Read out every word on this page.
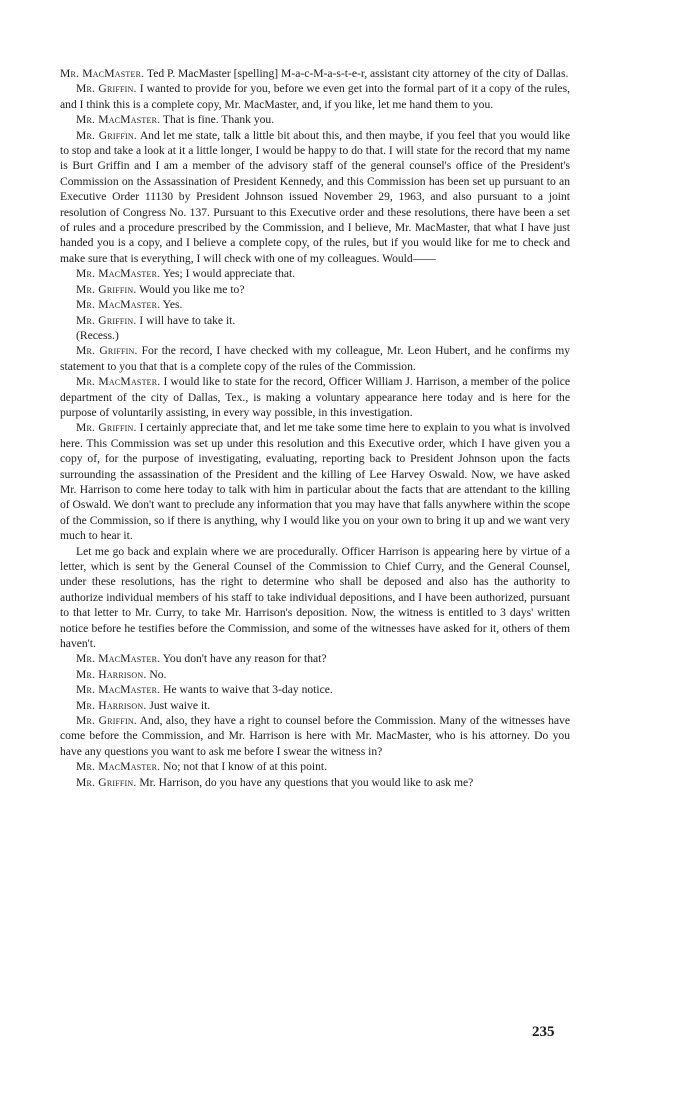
Mr. MacMaster. Ted P. MacMaster [spelling] M-a-c-M-a-s-t-e-r, assistant city attorney of the city of Dallas.

Mr. Griffin. I wanted to provide for you, before we even get into the formal part of it a copy of the rules, and I think this is a complete copy, Mr. MacMaster, and, if you like, let me hand them to you.

Mr. MacMaster. That is fine. Thank you.

Mr. Griffin. And let me state, talk a little bit about this, and then maybe, if you feel that you would like to stop and take a look at it a little longer, I would be happy to do that. I will state for the record that my name is Burt Griffin and I am a member of the advisory staff of the general counsel's office of the President's Commission on the Assassination of President Kennedy, and this Commission has been set up pursuant to an Executive Order 11130 by President Johnson issued November 29, 1963, and also pursuant to a joint resolution of Congress No. 137. Pursuant to this Executive order and these resolutions, there have been a set of rules and a procedure prescribed by the Commission, and I believe, Mr. MacMaster, that what I have just handed you is a copy, and I believe a complete copy, of the rules, but if you would like for me to check and make sure that is everything, I will check with one of my colleagues. Would——

Mr. MacMaster. Yes; I would appreciate that.

Mr. Griffin. Would you like me to?

Mr. MacMaster. Yes.

Mr. Griffin. I will have to take it.

(Recess.)

Mr. Griffin. For the record, I have checked with my colleague, Mr. Leon Hubert, and he confirms my statement to you that that is a complete copy of the rules of the Commission.

Mr. MacMaster. I would like to state for the record, Officer William J. Harrison, a member of the police department of the city of Dallas, Tex., is making a voluntary appearance here today and is here for the purpose of voluntarily assisting, in every way possible, in this investigation.

Mr. Griffin. I certainly appreciate that, and let me take some time here to explain to you what is involved here. This Commission was set up under this resolution and this Executive order, which I have given you a copy of, for the purpose of investigating, evaluating, reporting back to President Johnson upon the facts surrounding the assassination of the President and the killing of Lee Harvey Oswald. Now, we have asked Mr. Harrison to come here today to talk with him in particular about the facts that are attendant to the killing of Oswald. We don't want to preclude any information that you may have that falls anywhere within the scope of the Commission, so if there is anything, why I would like you on your own to bring it up and we want very much to hear it.

Let me go back and explain where we are procedurally. Officer Harrison is appearing here by virtue of a letter, which is sent by the General Counsel of the Commission to Chief Curry, and the General Counsel, under these resolutions, has the right to determine who shall be deposed and also has the authority to authorize individual members of his staff to take individual depositions, and I have been authorized, pursuant to that letter to Mr. Curry, to take Mr. Harrison's deposition. Now, the witness is entitled to 3 days' written notice before he testifies before the Commission, and some of the witnesses have asked for it, others of them haven't.

Mr. MacMaster. You don't have any reason for that?

Mr. Harrison. No.

Mr. MacMaster. He wants to waive that 3-day notice.

Mr. Harrison. Just waive it.

Mr. Griffin. And, also, they have a right to counsel before the Commission. Many of the witnesses have come before the Commission, and Mr. Harrison is here with Mr. MacMaster, who is his attorney. Do you have any questions you want to ask me before I swear the witness in?

Mr. MacMaster. No; not that I know of at this point.

Mr. Griffin. Mr. Harrison, do you have any questions that you would like to ask me?

235
